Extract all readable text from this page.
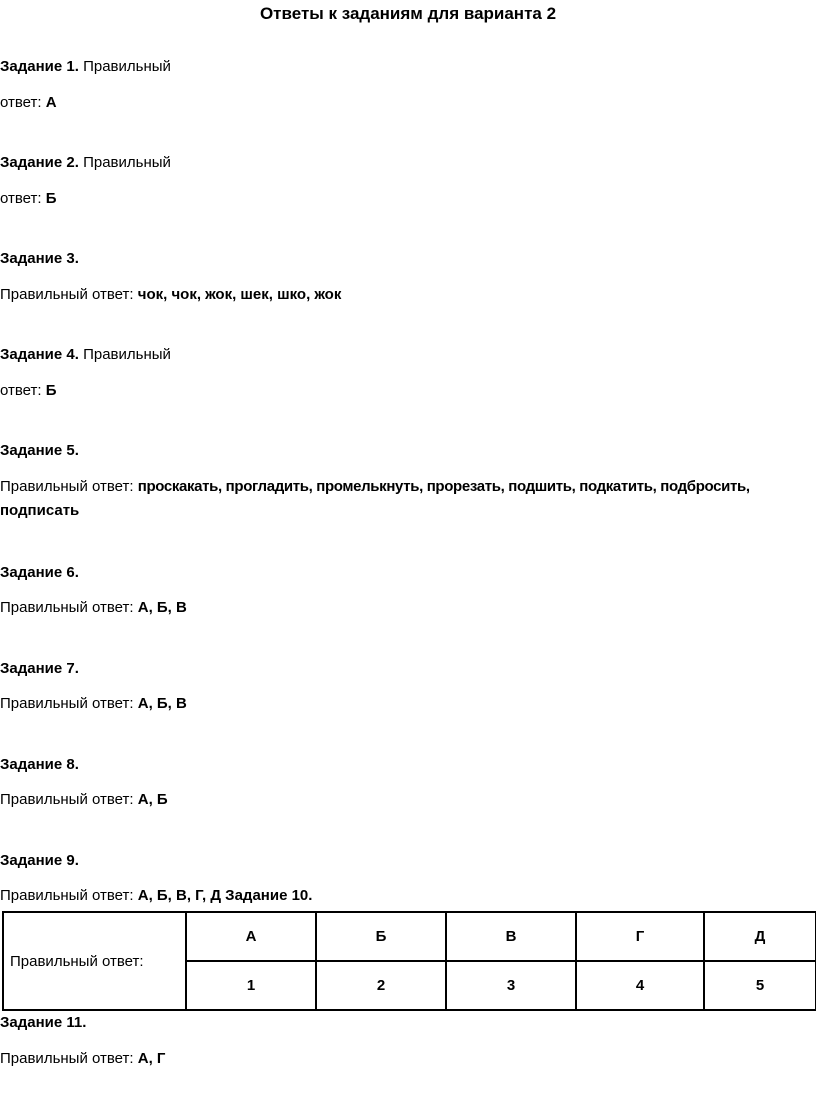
Ответы к заданиям для варианта 2
Задание 1. Правильный
ответ: А
Задание 2. Правильный
ответ: Б
Задание 3.
Правильный ответ: чок, чок, жок, шек, шко, жок
Задание 4. Правильный
ответ: Б
Задание 5.
Правильный ответ: проскакать, прогладить, промелькнуть, прорезать, подшить, подкатить, подбросить,
подписать
Задание 6.
Правильный ответ: А, Б, В
Задание 7.
Правильный ответ: А, Б, В
Задание 8.
Правильный ответ: А, Б
Задание 9.
Правильный ответ: А, Б, В, Г, Д Задание 10.
Правильный ответ:	А	Б	В	Г	Д
	1	2	3	4	5
Задание 11.
Правильный ответ: А, Г
